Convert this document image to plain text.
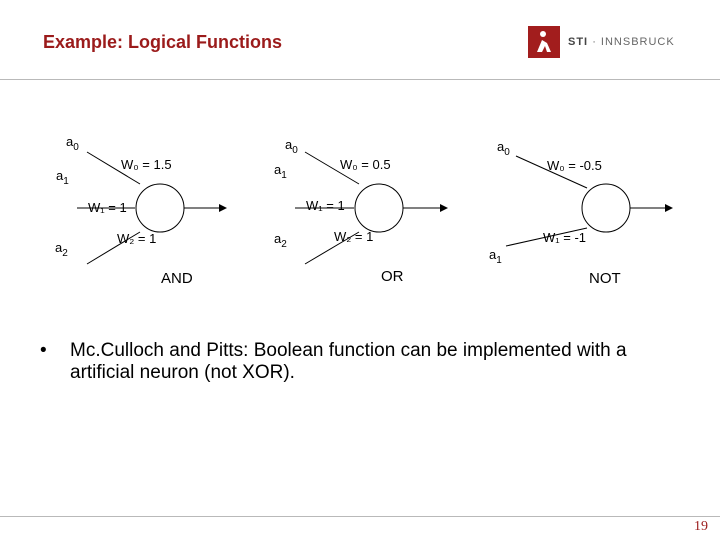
Example: Logical Functions	STI · INNSBRUCK
$a_0$
$a_1$
$a_2$
W₀ = 1.5
W₁ = 1
W₂ = 1
AND
$a_0$
$a_1$
$a_2$
W₀ = 0.5
W₁ = 1
W₂ = 1
OR
$a_0$
$a_1$
W₀ = -0.5
W₁ = -1
NOT
•	Mc.Culloch and Pitts: Boolean function can be implemented with a artificial neuron (not XOR).
19
